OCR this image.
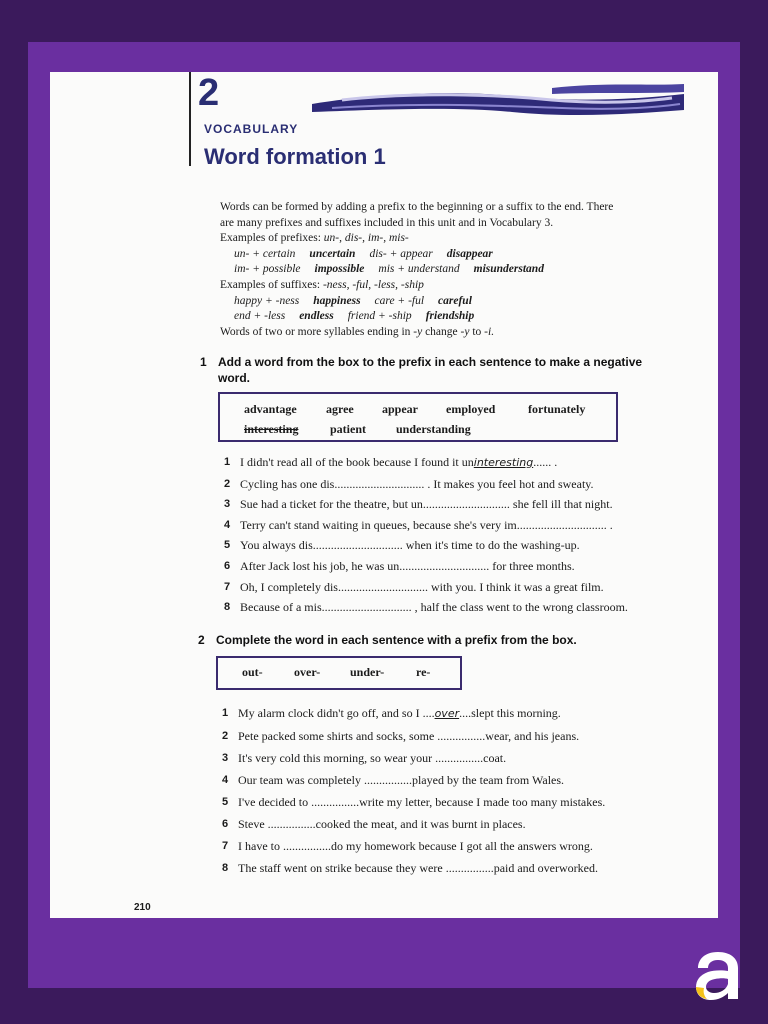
2
VOCABULARY
Word formation 1
Words can be formed by adding a prefix to the beginning or a suffix to the end. There
are many prefixes and suffixes included in this unit and in Vocabulary 3.
Examples of prefixes: un-, dis-, im-, mis-
un- + certain uncertain dis- + appear disappear
im- + possible impossible mis + understand misunderstand
Examples of suffixes: -ness, -ful, -less, -ship
happy + -ness happiness care + -ful careful
end + -less endless friend + -ship friendship
Words of two or more syllables ending in -y change -y to -i.
1 Add a word from the box to the prefix in each sentence to make a negative
word.
advantage agree appear employed	fortunately
interesting	patient	understanding
1 I didn't read all of the book because I found it uninteresting...... .
2 Cycling has one dis.............................. . It makes you feel hot and sweaty.
3 Sue had a ticket for the theatre, but un............................. she fell ill that night.
4 Terry can't stand waiting in queues, because she's very im.............................. .
5 You always dis.............................. when it's time to do the washing-up.
6 After Jack lost his job, he was un.............................. for three months.
7 Oh, I completely dis.............................. with you. I think it was a great film.
8 Because of a mis.............................. , half the class went to the wrong classroom.
2 Complete the word in each sentence with a prefix from the box.
out-	over- under-	re-
1 My alarm clock didn't go off, and so I ....over....slept this morning.
2 Pete packed some shirts and socks, some ................wear, and his jeans.
3 It's very cold this morning, so wear your ................coat.
4 Our team was completely ................played by the team from Wales.
5 I've decided to ................write my letter, because I made too many mistakes.
6 Steve ................cooked the meat, and it was burnt in places.
7 I have to ................do my homework because I got all the answers wrong.
8 The staff went on strike because they were ................paid and overworked.
210
